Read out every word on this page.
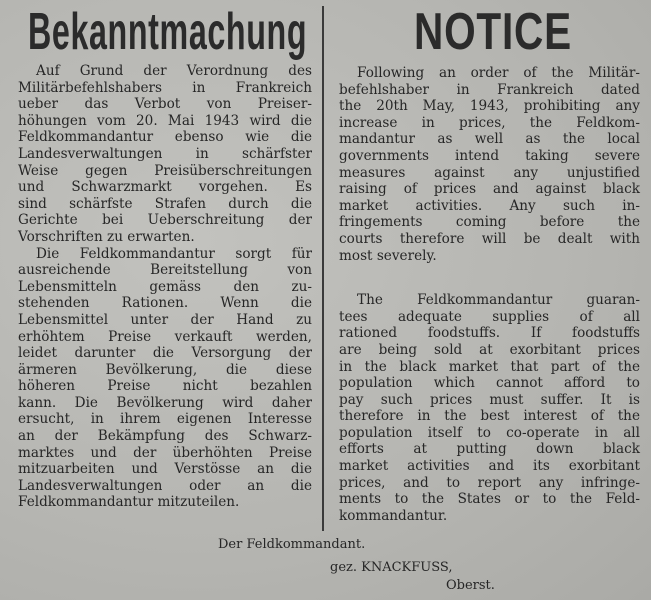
Bekanntmachung NOTICE
Auf Grund der Verordnung des
Militärbefehlshabers in Frankreich
ueber das Verbot von Preiser-
höhungen vom 20. Mai 1943 wird die
Feldkommandantur ebenso wie die
Landesverwaltungen in schärfster
Weise gegen Preisüberschreitungen
und Schwarzmarkt vorgehen. Es
sind schärfste Strafen durch die
Gerichte bei Ueberschreitung der
Vorschriften zu erwarten.
Die Feldkommandantur sorgt für
ausreichende Bereitstellung von
Lebensmitteln gemäss den zu-
stehenden Rationen. Wenn die
Lebensmittel unter der Hand zu
erhöhtem Preise verkauft werden,
leidet darunter die Versorgung der
ärmeren Bevölkerung, die diese
höheren Preise nicht bezahlen
kann. Die Bevölkerung wird daher
ersucht, in ihrem eigenen Interesse
an der Bekämpfung des Schwarz-
marktes und der überhöhten Preise
mitzuarbeiten und Verstösse an die
Landesverwaltungen oder an die
Feldkommandantur mitzuteilen.
Following an order of the Militär-
befehlshaber in Frankreich dated
the 20th May, 1943, prohibiting any
increase in prices, the Feldkom-
mandantur as well as the local
governments intend taking severe
measures against any unjustified
raising of prices and against black
market activities. Any such in-
fringements coming before the
courts therefore will be dealt with
most severely.
The Feldkommandantur guaran-
tees adequate supplies of all
rationed foodstuffs. If foodstuffs
are being sold at exorbitant prices
in the black market that part of the
population which cannot afford to
pay such prices must suffer. It is
therefore in the best interest of the
population itself to co-operate in all
efforts at putting down black
market activities and its exorbitant
prices, and to report any infringe-
ments to the States or to the Feld-
kommandantur.
Der Feldkommandant.
gez. KNACKFUSS,
Oberst.
